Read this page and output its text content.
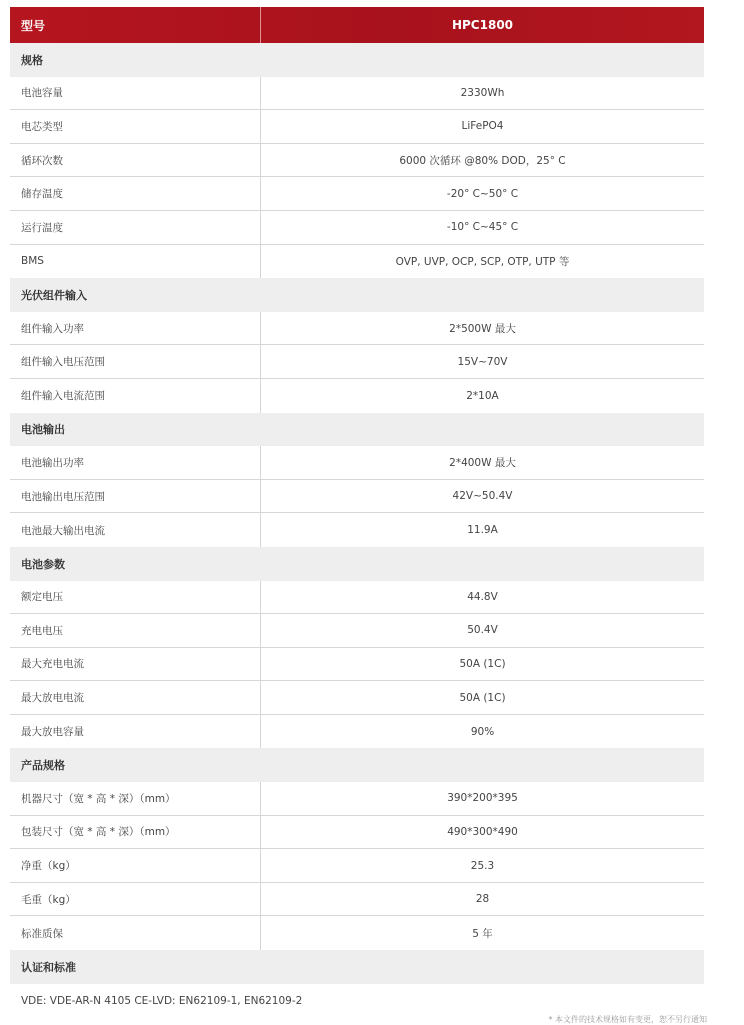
型号	HPC1800
规格
电池容量	2330Wh
电芯类型	LiFePO4
循环次数	6000 次循环 @80% DOD，25° C
储存温度	-20° C~50° C
运行温度	-10° C~45° C
BMS	OVP, UVP, OCP, SCP, OTP, UTP 等
光伏组件输入
组件输入功率	2*500W 最大
组件输入电压范围	15V~70V
组件输入电流范围	2*10A
电池输出
电池输出功率	2*400W 最大
电池输出电压范围	42V~50.4V
电池最大输出电流	11.9A
电池参数
额定电压	44.8V
充电电压	50.4V
最大充电电流	50A (1C)
最大放电电流	50A (1C)
最大放电容量	90%
产品规格
机器尺寸（宽 * 高 * 深）（mm）	390*200*395
包装尺寸（宽 * 高 * 深）（mm）	490*300*490
净重（kg）	25.3
毛重（kg）	28
标准质保	5 年
认证和标准
VDE: VDE-AR-N 4105 CE-LVD: EN62109-1, EN62109-2
* 本文件的技术规格如有变更，恕不另行通知
